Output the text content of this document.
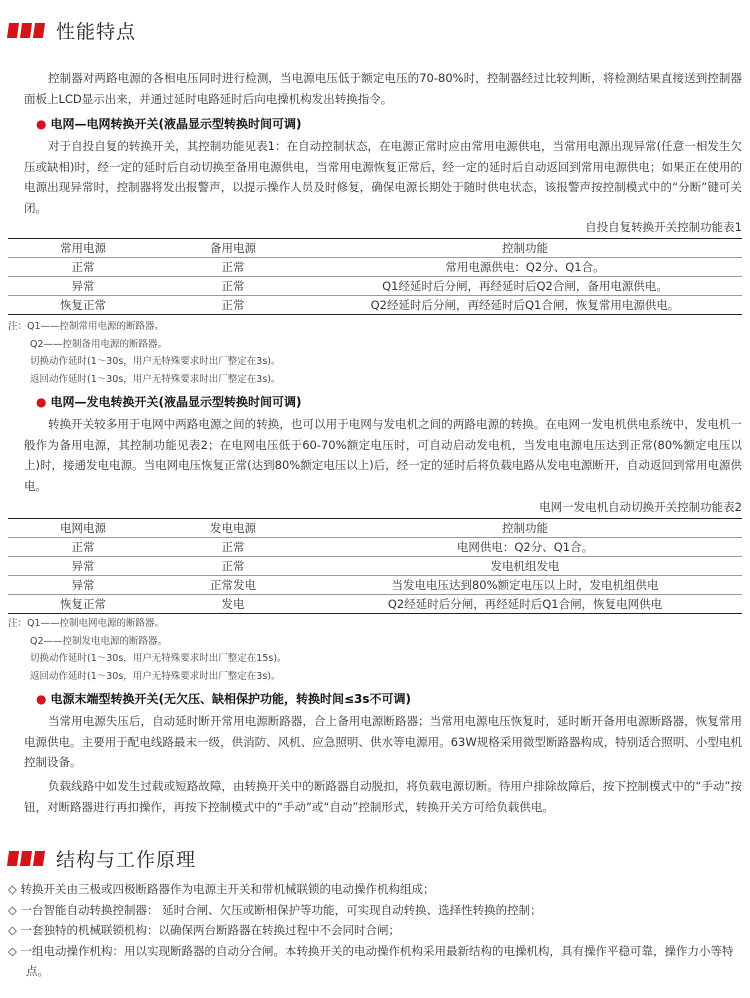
性能特点
控制器对两路电源的各相电压同时进行检测，当电源电压低于额定电压的70-80%时，控制器经过比较判断，将检测结果直接送到控制器面板上LCD显示出来，并通过延时电路延时后向电操机构发出转换指令。
● 电网—电网转换开关(液晶显示型转换时间可调)
对于自投自复的转换开关，其控制功能见表1：在自动控制状态，在电源正常时应由常用电源供电，当常用电源出现异常(任意一相发生欠压或缺相)时，经一定的延时后自动切换至备用电源供电，当常用电源恢复正常后，经一定的延时后自动返回到常用电源供电；如果正在使用的电源出现异常时，控制器将发出报警声，以提示操作人员及时修复，确保电源长期处于随时供电状态，该报警声按控制模式中的“分断”键可关闭。
自投自复转换开关控制功能表1
常用电源	备用电源	控制功能
正常	正常	常用电源供电：Q2分、Q1合。
异常	正常	Q1经延时后分闸，再经延时后Q2合闸，备用电源供电。
恢复正常	正常	Q2经延时后分闸，再经延时后Q1合闸，恢复常用电源供电。
注：Q1——控制常用电源的断路器。
Q2——控制备用电源的断路器。
切换动作延时(1～30s，用户无特殊要求时出厂整定在3s)。
返回动作延时(1～30s，用户无特殊要求时出厂整定在3s)。
● 电网—发电转换开关(液晶显示型转换时间可调)
转换开关较多用于电网中两路电源之间的转换，也可以用于电网与发电机之间的两路电源的转换。在电网一发电机供电系统中，发电机一般作为备用电源，其控制功能见表2；在电网电压低于60-70%额定电压时，可自动启动发电机，当发电电源电压达到正常(80%额定电压以上)时，接通发电电源。当电网电压恢复正常(达到80%额定电压以上)后，经一定的延时后将负载电路从发电电源断开，自动返回到常用电源供电。
电网一发电机自动切换开关控制功能表2
电网电源	发电电源	控制功能
正常	正常	电网供电：Q2分、Q1合。
异常	正常	发电机组发电
异常	正常发电	当发电电压达到80%额定电压以上时，发电机组供电
恢复正常	发电	Q2经延时后分闸，再经延时后Q1合闸，恢复电网供电
注：Q1——控制电网电源的断路器。
Q2——控制发电电源的断路器。
切换动作延时(1～30s，用户无特殊要求时出厂整定在15s)。
返回动作延时(1～30s，用户无特殊要求时出厂整定在3s)。
● 电源末端型转换开关(无欠压、缺相保护功能，转换时间≤3s不可调)
当常用电源失压后，自动延时断开常用电源断路器，合上备用电源断路器；当常用电源电压恢复时，延时断开备用电源断路器，恢复常用电源供电。主要用于配电线路最末一级，供消防、风机、应急照明、供水等电源用。63W规格采用微型断路器构成，特别适合照明、小型电机控制设备。
负载线路中如发生过载或短路故障，由转换开关中的断路器自动脱扣，将负载电源切断。待用户排除故障后，按下控制模式中的“手动”按钮，对断路器进行再扣操作，再按下控制模式中的“手动”或“自动”控制形式，转换开关方可给负载供电。
结构与工作原理
◇ 转换开关由三极或四极断路器作为电源主开关和带机械联锁的电动操作机构组成；
◇ 一台智能自动转换控制器： 延时合闸、欠压或断相保护等功能，可实现自动转换、选择性转换的控制；
◇ 一套独特的机械联锁机构：以确保两台断路器在转换过程中不会同时合闸；
◇ 一组电动操作机构：用以实现断路器的自动分合闸。本转换开关的电动操作机构采用最新结构的电操机构，具有操作平稳可靠，操作力小等特点。
